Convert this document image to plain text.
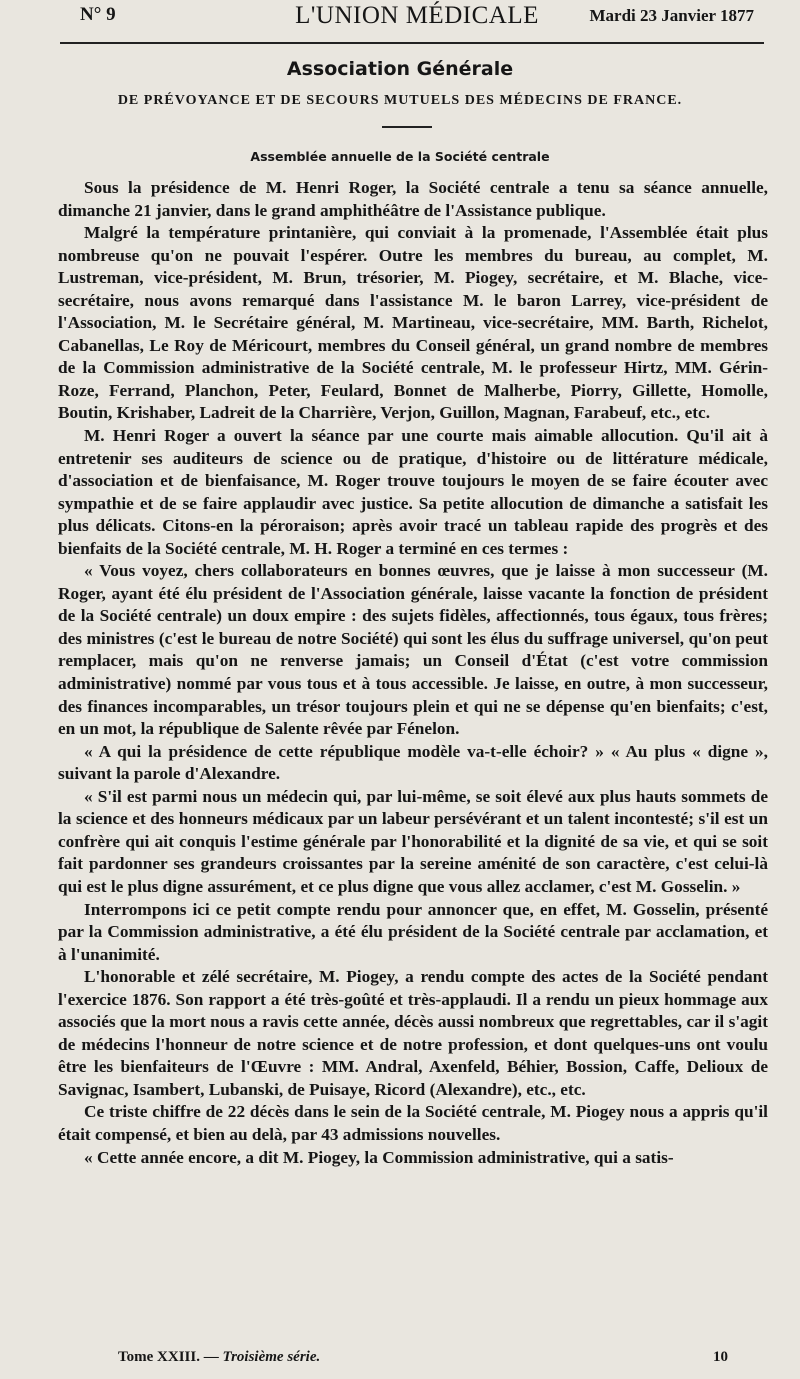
N° 9	L'UNION MÉDICALE	Mardi 23 Janvier 1877
Association Générale
DE PRÉVOYANCE ET DE SECOURS MUTUELS DES MÉDECINS DE FRANCE.
Assemblée annuelle de la Société centrale

Sous la présidence de M. Henri Roger, la Société centrale a tenu sa séance annuelle, dimanche 21 janvier, dans le grand amphithéâtre de l'Assistance publique.

Malgré la température printanière, qui conviait à la promenade, l'Assemblée était plus nombreuse qu'on ne pouvait l'espérer. Outre les membres du bureau, au complet, M. Lustreman, vice-président, M. Brun, trésorier, M. Piogey, secrétaire, et M. Blache, vice-secrétaire, nous avons remarqué dans l'assistance M. le baron Larrey, vice-président de l'Association, M. le Secrétaire général, M. Martineau, vice-secrétaire, MM. Barth, Richelot, Cabanellas, Le Roy de Méricourt, membres du Conseil général, un grand nombre de membres de la Commission administrative de la Société centrale, M. le professeur Hirtz, MM. Gérin-Roze, Ferrand, Planchon, Peter, Feulard, Bonnet de Malherbe, Piorry, Gillette, Homolle, Boutin, Krishaber, Ladreit de la Charrière, Verjon, Guillon, Magnan, Farabeuf, etc., etc.

M. Henri Roger a ouvert la séance par une courte mais aimable allocution. Qu'il ait à entretenir ses auditeurs de science ou de pratique, d'histoire ou de littérature médicale, d'association et de bienfaisance, M. Roger trouve toujours le moyen de se faire écouter avec sympathie et de se faire applaudir avec justice. Sa petite allocution de dimanche a satisfait les plus délicats. Citons-en la péroraison; après avoir tracé un tableau rapide des progrès et des bienfaits de la Société centrale, M. H. Roger a terminé en ces termes :

« Vous voyez, chers collaborateurs en bonnes œuvres, que je laisse à mon successeur (M. Roger, ayant été élu président de l'Association générale, laisse vacante la fonction de président de la Société centrale) un doux empire : des sujets fidèles, affectionnés, tous égaux, tous frères; des ministres (c'est le bureau de notre Société) qui sont les élus du suffrage universel, qu'on peut remplacer, mais qu'on ne renverse jamais; un Conseil d'État (c'est votre commission administrative) nommé par vous tous et à tous accessible. Je laisse, en outre, à mon successeur, des finances incomparables, un trésor toujours plein et qui ne se dépense qu'en bienfaits; c'est, en un mot, la république de Salente rêvée par Fénelon.

« A qui la présidence de cette république modèle va-t-elle échoir? » « Au plus « digne », suivant la parole d'Alexandre.

« S'il est parmi nous un médecin qui, par lui-même, se soit élevé aux plus hauts sommets de la science et des honneurs médicaux par un labeur persévérant et un talent incontesté; s'il est un confrère qui ait conquis l'estime générale par l'honorabilité et la dignité de sa vie, et qui se soit fait pardonner ses grandeurs croissantes par la sereine aménité de son caractère, c'est celui-là qui est le plus digne assurément, et ce plus digne que vous allez acclamer, c'est M. Gosselin. »

Interrompons ici ce petit compte rendu pour annoncer que, en effet, M. Gosselin, présenté par la Commission administrative, a été élu président de la Société centrale par acclamation, et à l'unanimité.

L'honorable et zélé secrétaire, M. Piogey, a rendu compte des actes de la Société pendant l'exercice 1876. Son rapport a été très-goûté et très-applaudi. Il a rendu un pieux hommage aux associés que la mort nous a ravis cette année, décès aussi nombreux que regrettables, car il s'agit de médecins l'honneur de notre science et de notre profession, et dont quelques-uns ont voulu être les bienfaiteurs de l'Œuvre : MM. Andral, Axenfeld, Béhier, Bossion, Caffe, Delioux de Savignac, Isambert, Lubanski, de Puisaye, Ricord (Alexandre), etc., etc.

Ce triste chiffre de 22 décès dans le sein de la Société centrale, M. Piogey nous a appris qu'il était compensé, et bien au delà, par 43 admissions nouvelles.

« Cette année encore, a dit M. Piogey, la Commission administrative, qui a satis-

Tome XXIII. — Troisième série.	10
